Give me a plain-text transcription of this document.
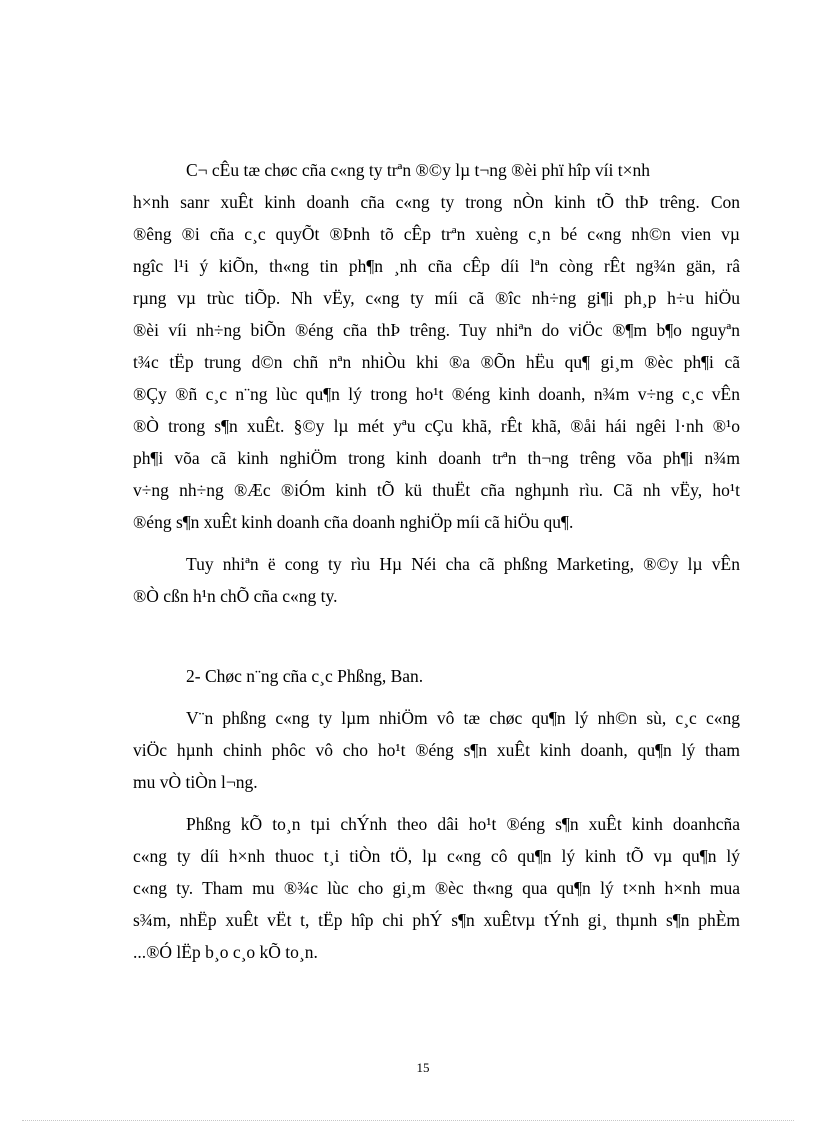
C¬ cÊu tæ chøc cña c«ng ty trªn ®©y lµ t¬ng ®èi phï hîp víi t×nh
h×nh sanr xuÊt kinh doanh cña c«ng ty trong nÒn kinh tÕ thÞ trêng. Con
®êng ®i cña c¸c quyÕt ®Þnh tõ cÊp trªn xuèng c¸n bé c«ng nh©n vien vµ
ngîc l¹i ý kiÕn, th«ng tin ph¶n ¸nh cña cÊp díi lªn còng rÊt ng¾n gän, râ
rµng vµ trùc tiÕp. Nh vËy, c«ng ty míi cã ®îc nh÷ng gi¶i ph¸p h÷u hiÖu
®èi víi nh÷ng biÕn ®éng cña thÞ trêng. Tuy nhiªn do viÖc ®¶m b¶o nguyªn
t¾c tËp trung d©n chñ nªn nhiÒu khi ®a ®Õn hËu qu¶ gi¸m ®èc ph¶i cã
®Çy ®ñ c¸c n¨ng lùc qu¶n lý trong ho¹t ®éng kinh doanh, n¾m v÷ng c¸c vÊn
®Ò trong s¶n xuÊt. §©y lµ mét yªu cÇu khã, rÊt khã, ®åi hái ngêi l·nh ®¹o
ph¶i võa cã kinh nghiÖm trong kinh doanh trªn th¬ng trêng võa ph¶i n¾m
v÷ng nh÷ng ®Æc ®iÓm kinh tÕ kü thuËt cña nghµnh rìu. Cã nh vËy, ho¹t
®éng s¶n xuÊt kinh doanh cña doanh nghiÖp míi cã hiÖu qu¶.
Tuy nhiªn ë cong ty rìu Hµ Néi cha cã phßng Marketing, ®©y lµ vÊn
®Ò cßn h¹n chÕ cña c«ng ty.
2- Chøc n¨ng cña c¸c Phßng, Ban.
V¨n phßng c«ng ty lµm nhiÖm vô tæ chøc qu¶n lý nh©n sù, c¸c c«ng
viÖc hµnh chinh phôc vô cho ho¹t ®éng s¶n xuÊt kinh doanh, qu¶n lý tham
mu vÒ tiÒn l¬ng.
Phßng kÕ to¸n tµi chÝnh theo dâi ho¹t ®éng s¶n xuÊt kinh doanhcña
c«ng ty díi h×nh thuoc t¸i tiÒn tÖ, lµ c«ng cô qu¶n lý kinh tÕ vµ qu¶n lý
c«ng ty. Tham mu ®¾c lùc cho gi¸m ®èc th«ng qua qu¶n lý t×nh h×nh mua
s¾m, nhËp xuÊt vËt t, tËp hîp chi phÝ s¶n xuÊtvµ tÝnh gi¸ thµnh s¶n phÈm
...®Ó lËp b¸o c¸o kÕ to¸n.
15
